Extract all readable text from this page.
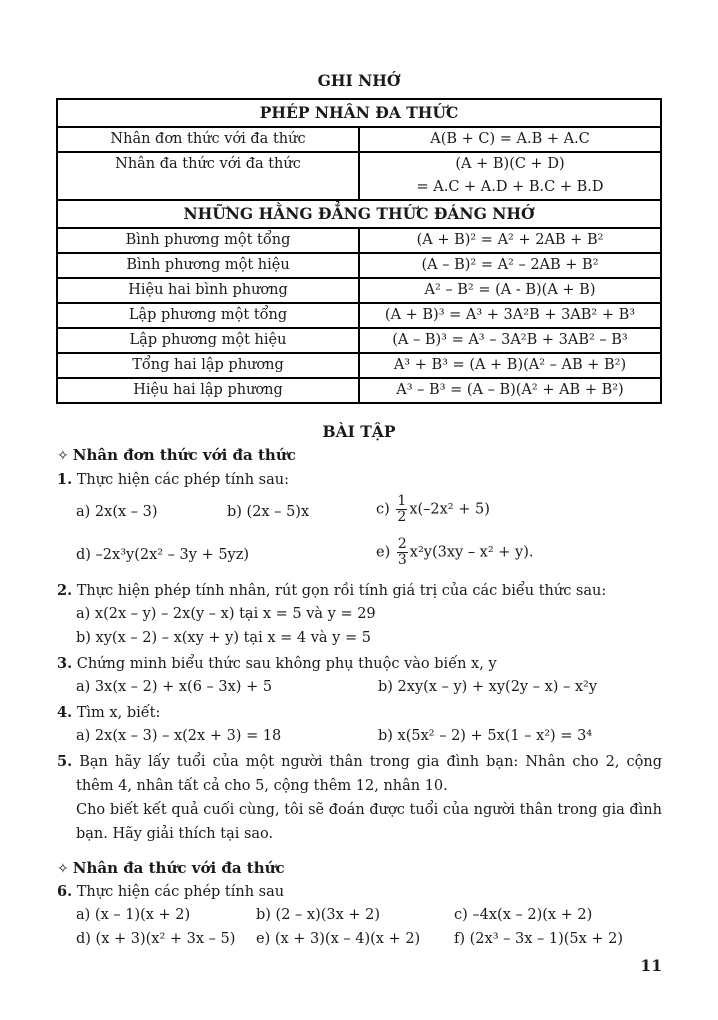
GHI NHỚ
PHÉP NHÂN ĐA THỨC	
Nhân đơn thức với đa thức	A(B + C) = A.B + A.C
Nhân đa thức với đa thức	(A + B)(C + D)
= A.C + A.D + B.C + B.D

NHỮNG HẰNG ĐẲNG THỨC ĐÁNG NHỚ	
Bình phương một tổng	(A + B)² = A² + 2AB + B²
Bình phương một hiệu	(A – B)² = A² – 2AB + B²
Hiệu hai bình phương	A² – B² = (A - B)(A + B)
Lập phương một tổng	(A + B)³ = A³ + 3A²B + 3AB² + B³
Lập phương một hiệu	(A – B)³ = A³ – 3A²B + 3AB² – B³
Tổng hai lập phương	A³ + B³ = (A + B)(A² – AB + B²)
Hiệu hai lập phương	A³ – B³ = (A – B)(A² + AB + B²)
BÀI TẬP
✧ Nhân đơn thức với đa thức
1. Thực hiện các phép tính sau:
a) 2x(x – 3)	b) (2x – 5)x	$c) \frac{1}{2} x(-2x^2 + 5)$
d) –2x³y(2x² – 3y + 5yz)	$e) \frac{2}{3} x^2y(3xy - x^2 + y)$.
2. Thực hiện phép tính nhân, rút gọn rồi tính giá trị của các biểu thức sau:
a) x(2x – y) – 2x(y – x) tại x = 5 và y = 29
b) xy(x – 2) – x(xy + y) tại x = 4 và y = 5
3. Chứng minh biểu thức sau không phụ thuộc vào biến x, y
a) 3x(x – 2) + x(6 – 3x) + 5	b) 2xy(x – y) + xy(2y – x) – x²y
4. Tìm x, biết:
a) 2x(x – 3) – x(2x + 3) = 18	b) x(5x² – 2) + 5x(1 – x²) = 3⁴
5. Bạn hãy lấy tuổi của một người thân trong gia đình bạn: Nhân cho 2, cộng thêm 4, nhân tất cả cho 5, cộng thêm 12, nhân 10.
Cho biết kết quả cuối cùng, tôi sẽ đoán được tuổi của người thân trong gia đình bạn. Hãy giải thích tại sao.
✧ Nhân đa thức với đa thức
6. Thực hiện các phép tính sau
a) (x – 1)(x + 2)	b) (2 – x)(3x + 2)	c) –4x(x – 2)(x + 2)
d) (x + 3)(x² + 3x – 5) e) (x + 3)(x – 4)(x + 2) f) (2x³ – 3x – 1)(5x + 2)
11
